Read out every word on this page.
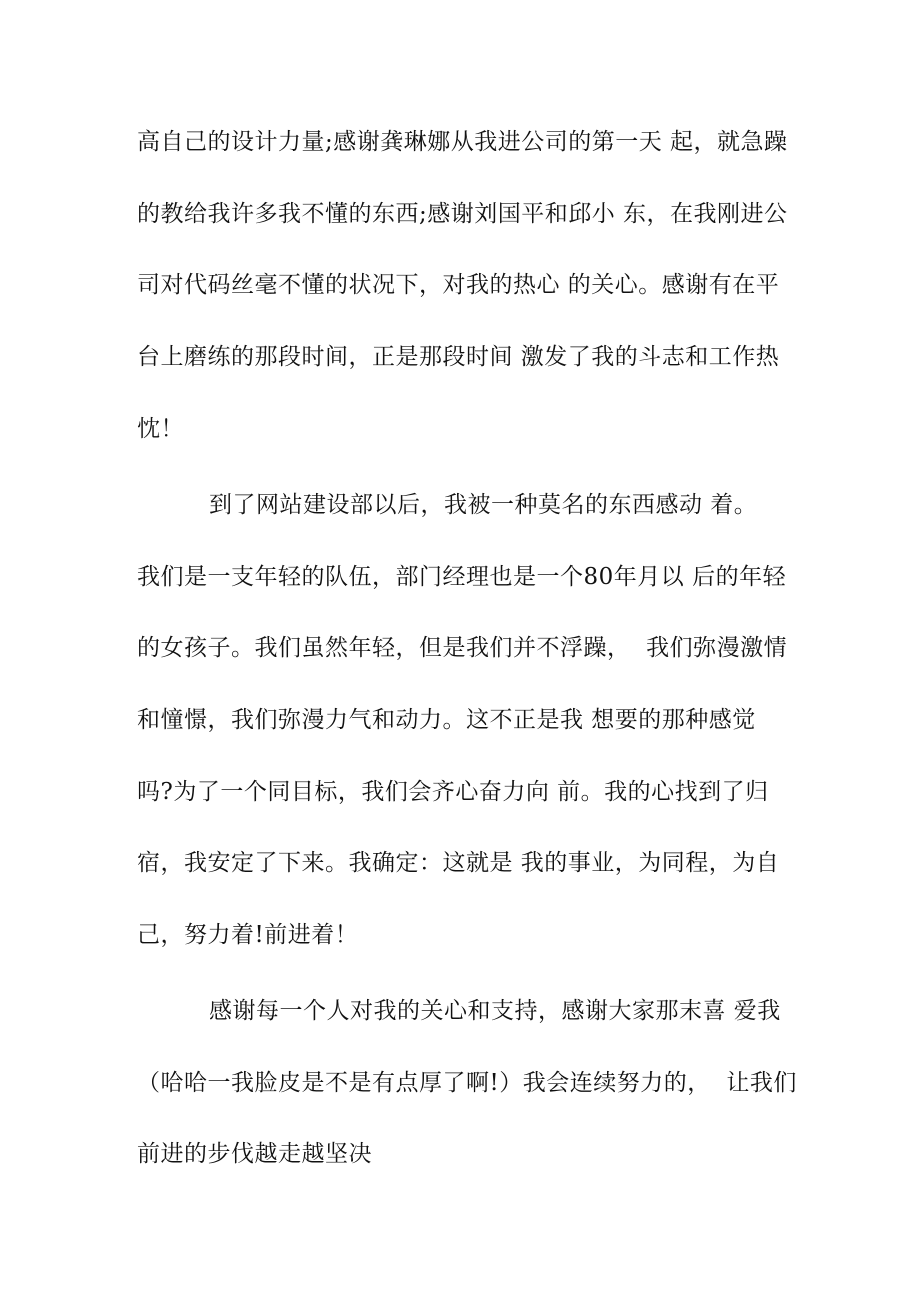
高自己的设计力量;感谢龚琳娜从我进公司的第一天 起，就急躁
的教给我许多我不懂的东西;感谢刘国平和邱小 东，在我刚进公
司对代码丝毫不懂的状况下，对我的热心 的关心。感谢有在平
台上磨练的那段时间，正是那段时间 激发了我的斗志和工作热
忱！
到了网站建设部以后，我被一种莫名的东西感动 着。
我们是一支年轻的队伍，部门经理也是一个80年月以 后的年轻
的女孩子。我们虽然年轻，但是我们并不浮躁，  我们弥漫激情
和憧憬，我们弥漫力气和动力。这不正是我 想要的那种感觉
吗?为了一个同目标，我们会齐心奋力向 前。我的心找到了归
宿，我安定了下来。我确定：这就是 我的事业，为同程，为自
己，努力着!前进着！
感谢每一个人对我的关心和支持，感谢大家那末喜 爱我
（哈哈一我脸皮是不是有点厚了啊!）我会连续努力的，  让我们
前进的步伐越走越坚决
